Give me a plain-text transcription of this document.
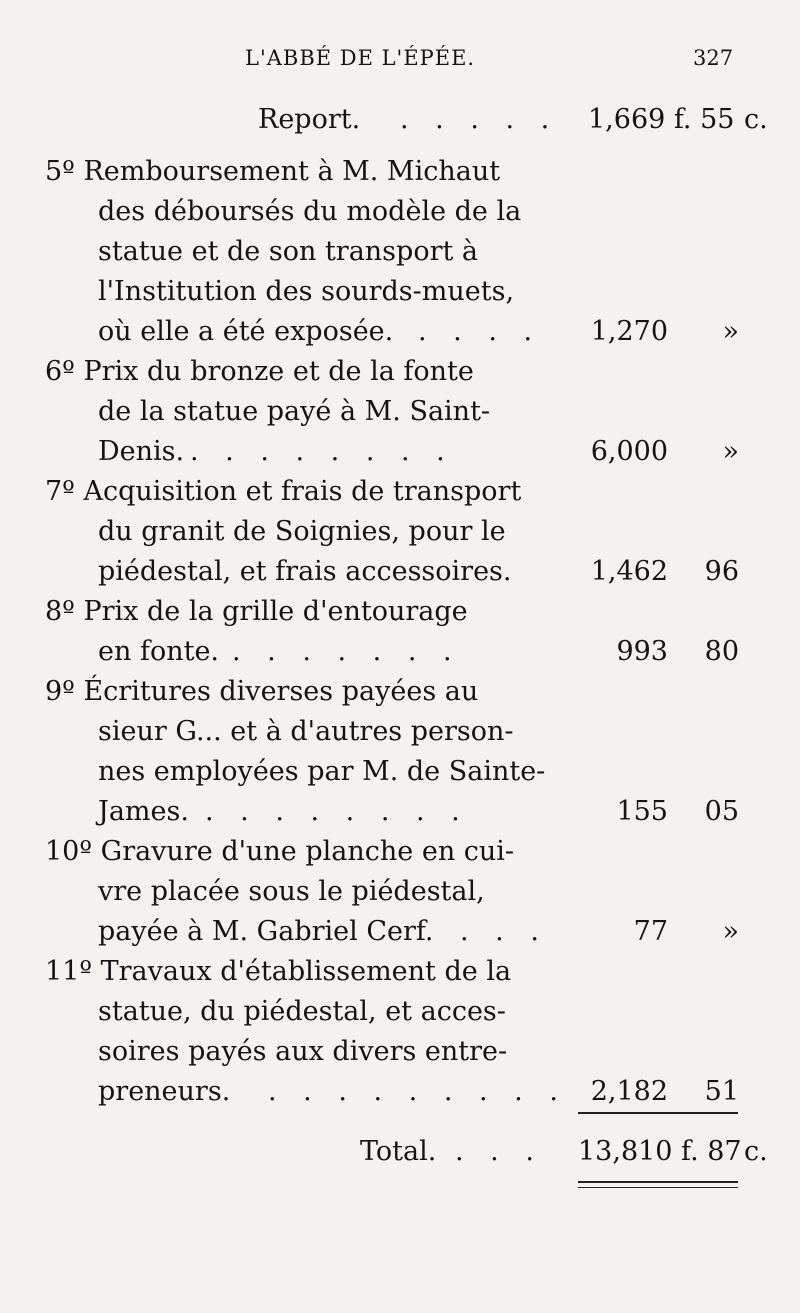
L'ABBÉ DE L'ÉPÉE.	327
Report. . . . . . 1,669 f. 55 c.
5º Remboursement à M. Michaut
des déboursés du modèle de la
statue et de son transport à
l'Institution des sourds-muets,
où elle a été exposée. . . . . 1,270	»
6º Prix du bronze et de la fonte
de la statue payé à M. Saint-
Denis. . . . . . . . .	6,000	»
7º Acquisition et frais de transport
du granit de Soignies, pour le
piédestal, et frais accessoires.	1,462	96
8º Prix de la grille d'entourage
en fonte. . . . . . . .	993	80
9º Écritures diverses payées au
sieur G... et à d'autres person-
nes employées par M. de Sainte-
James. . . . . . . . .	155	05
10º Gravure d'une planche en cui-
vre placée sous le piédestal,
payée à M. Gabriel Cerf. . . .	77	»
11º Travaux d'établissement de la
statue, du piédestal, et acces-
soires payés aux divers entre-
preneurs. . . . . . . . . . 2,182	51
Total. . . . 13,810 f. 87 c.
